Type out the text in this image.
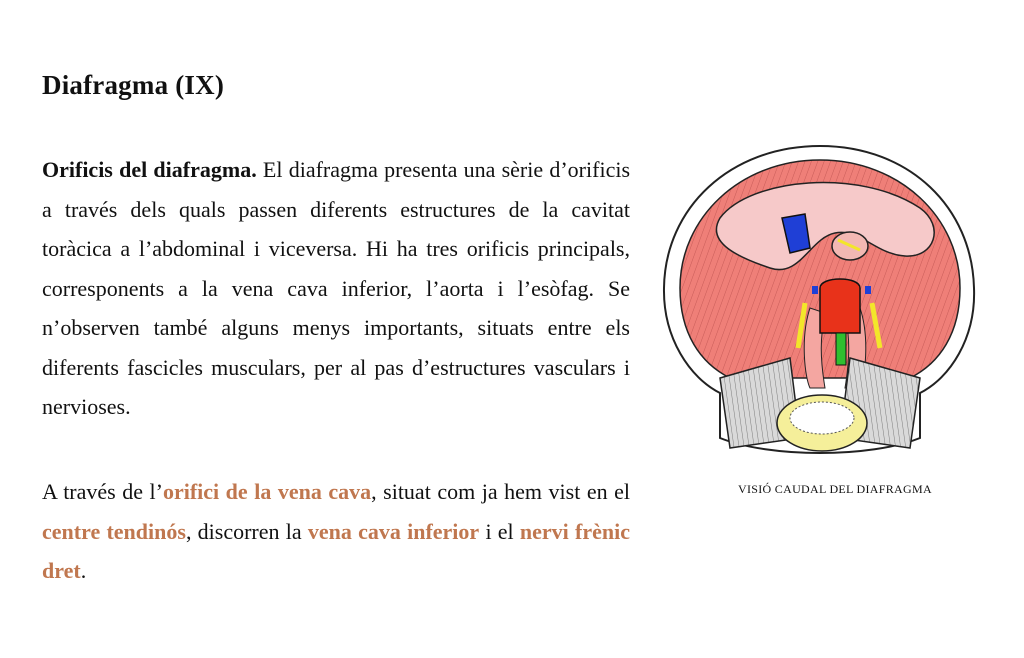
Diafragma (IX)

Orificis del diafragma. El diafragma presenta una sèrie d’orificis a través dels quals passen diferents estructures de la cavitat toràcica a l’abdominal i viceversa. Hi ha tres orificis principals, corresponents a la vena cava inferior, l’aorta i l’esòfag. Se n’observen també alguns menys importants, situats entre els diferents fascicles musculars, per al pas d’estructures vasculars i nervioses.

A través de l’orifici de la vena cava, situat com ja hem vist en el centre tendinós, discorren la vena cava inferior i el nervi frènic dret.

VISIÓ CAUDAL DEL DIAFRAGMA
